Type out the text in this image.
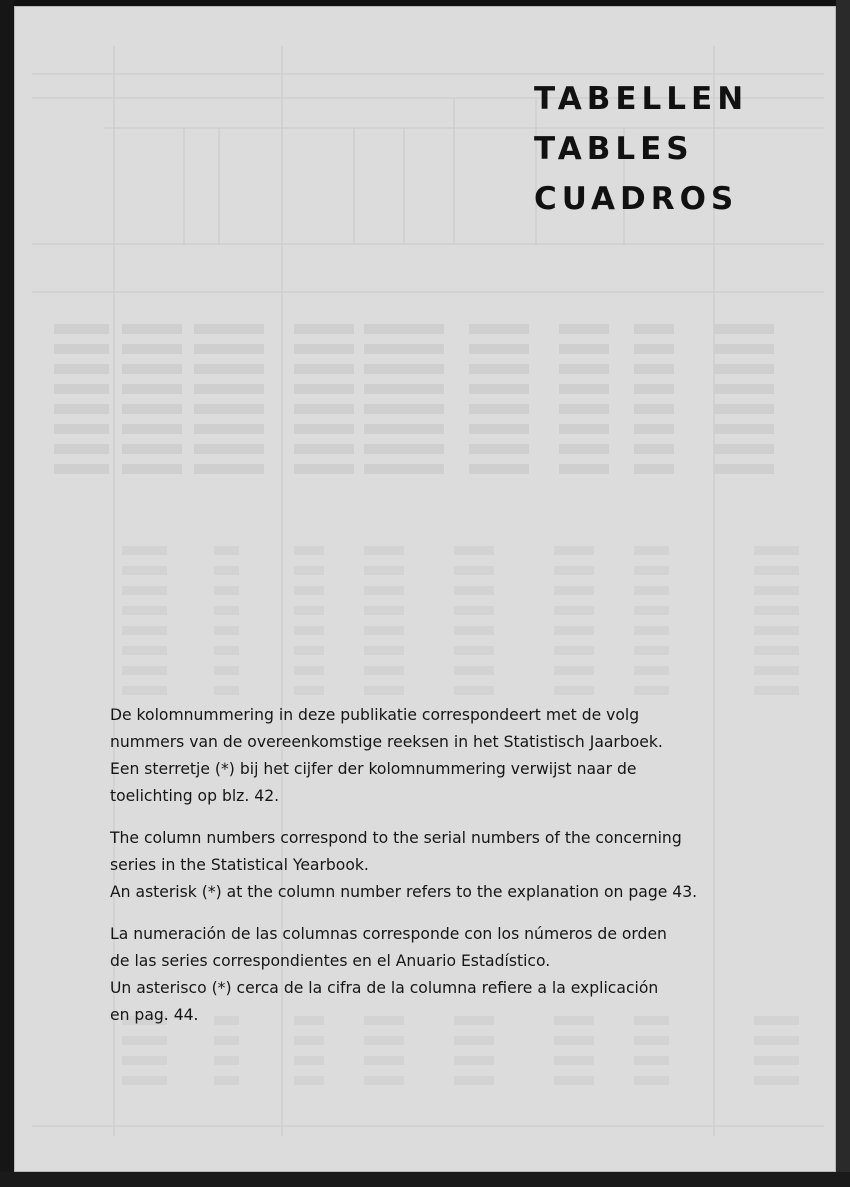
TABELLEN
TABLES
CUADROS

De kolomnummering in deze publikatie correspondeert met de volg
nummers van de overeenkomstige reeksen in het Statistisch Jaarboek.
Een sterretje (*) bij het cijfer der kolomnummering verwijst naar de
toelichting op blz. 42.

The column numbers correspond to the serial numbers of the concerning
series in the Statistical Yearbook.
An asterisk (*) at the column number refers to the explanation on page 43.

La numeración de las columnas corresponde con los números de orden
de las series correspondientes en el Anuario Estadístico.
Un asterisco (*) cerca de la cifra de la columna refiere a la explicación
en pag. 44.
